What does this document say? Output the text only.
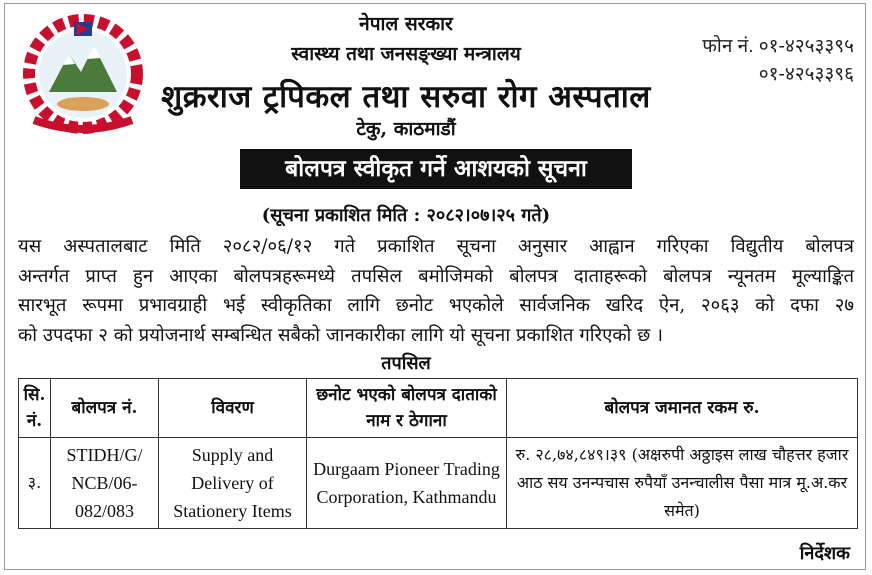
नेपाल सरकार
स्वास्थ्य तथा जनसङ्ख्या मन्त्रालय
शुक्रराज ट्रपिकल तथा सरुवा रोग अस्पताल
टेकु, काठमाडौं
फोन नं. ०१-४२५३३९५
०१-४२५३३९६
बोलपत्र स्वीकृत गर्ने आशयको सूचना
(सूचना प्रकाशित मिति : २०८२।०७।२५ गते)
यस अस्पतालबाट मिति २०८२/०६/१२ गते प्रकाशित सूचना अनुसार आह्वान गरिएका विद्युतीय बोलपत्र
अन्तर्गत प्राप्त हुन आएका बोलपत्रहरूमध्ये तपसिल बमोजिमको बोलपत्र दाताहरूको बोलपत्र न्यूनतम मूल्याङ्कित
सारभूत रूपमा प्रभावग्राही भई स्वीकृतिका लागि छनोट भएकोले सार्वजनिक खरिद ऐन, २०६३ को दफा २७
को उपदफा २ को प्रयोजनार्थ सम्बन्धित सबैको जानकारीका लागि यो सूचना प्रकाशित गरिएको छ ।
तपसिल
सि. नं.	बोलपत्र नं.	विवरण	छनोट भएको बोलपत्र दाताको नाम र ठेगाना	बोलपत्र जमानत रकम रु.
३.	STIDH/G/ NCB/06- 082/083	Supply and Delivery of Stationery Items	Durgaam Pioneer Trading Corporation, Kathmandu	रु. २८,७४,८४९।३९ (अक्षरुपी अठ्ठाइस लाख चौहत्तर हजार आठ सय उनन्पचास रुपैयाँ उनन्चालीस पैसा मात्र मू.अ.कर समेत)
निर्देशक
